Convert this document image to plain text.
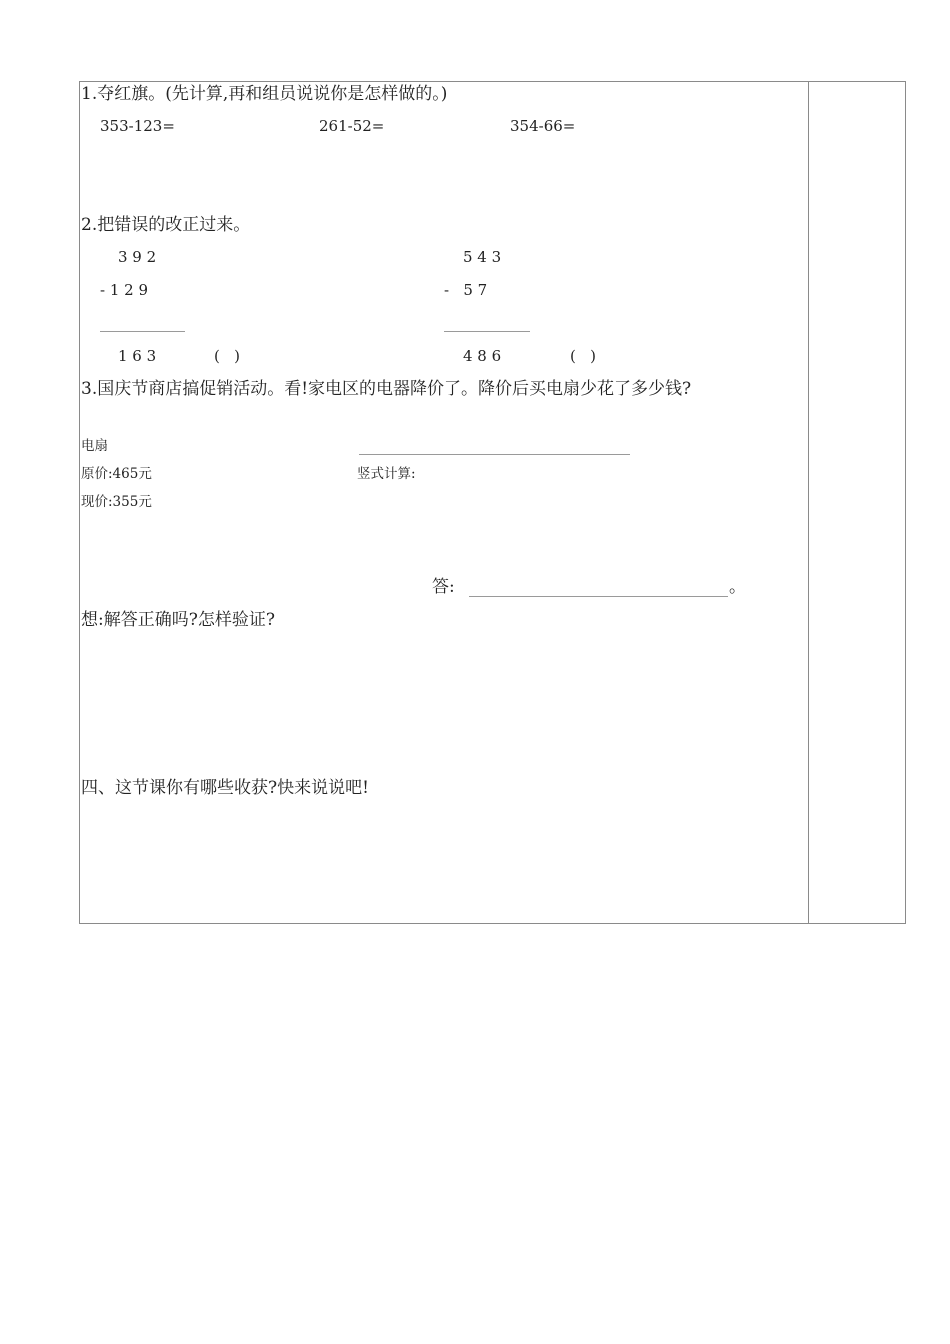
1.夺红旗。(先计算,再和组员说说你是怎样做的。)
353-123=	261-52=	354-66=
2.把错误的改正过来。
3 9 2
- 1 2 9
1 6 3	(   )
5 4 3
-   5 7
4 8 6	(   )
3.国庆节商店搞促销活动。看!家电区的电器降价了。降价后买电扇少花了多少钱?
电扇
原价:465元	竖式计算:
现价:355元
答:	。
想:解答正确吗?怎样验证?
四、这节课你有哪些收获?快来说说吧!
